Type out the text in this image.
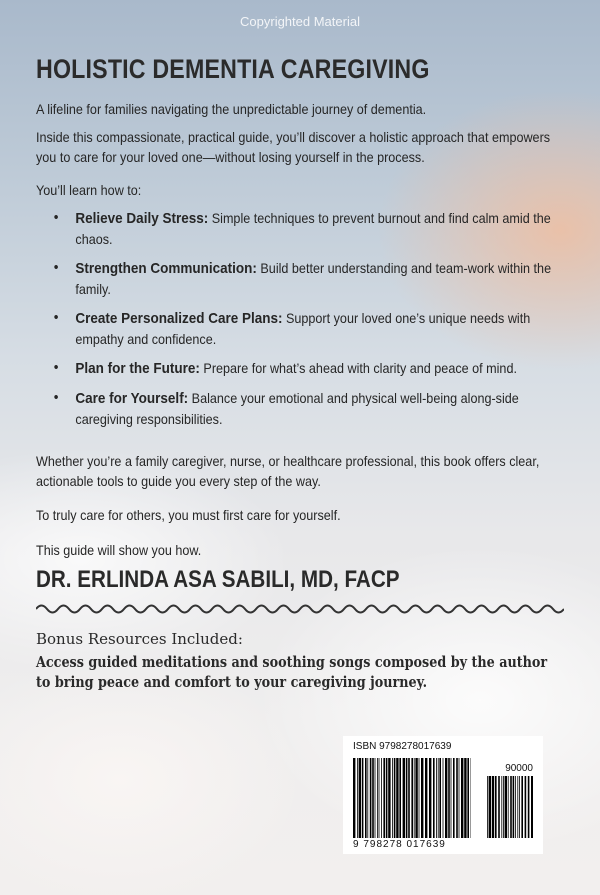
Copyrighted Material
HOLISTIC DEMENTIA CAREGIVING
A lifeline for families navigating the unpredictable journey of dementia.
Inside this compassionate, practical guide, you’ll discover a holistic approach that empowers you to care for your loved one—without losing yourself in the process.
You’ll learn how to:
• Relieve Daily Stress: Simple techniques to prevent burnout and find calm amid the chaos.
• Strengthen Communication: Build better understanding and team-work within the family.
• Create Personalized Care Plans: Support your loved one’s unique needs with empathy and confidence.
• Plan for the Future: Prepare for what’s ahead with clarity and peace of mind.
• Care for Yourself: Balance your emotional and physical well-being along-side caregiving responsibilities.
Whether you’re a family caregiver, nurse, or healthcare professional, this book offers clear, actionable tools to guide you every step of the way.
To truly care for others, you must first care for yourself.
This guide will show you how.
DR. ERLINDA ASA SABILI, MD, FACP
Bonus Resources Included:
Access guided meditations and soothing songs composed by the author to bring peace and comfort to your caregiving journey.
ISBN 9798278017639
90000
9 798278 017639
